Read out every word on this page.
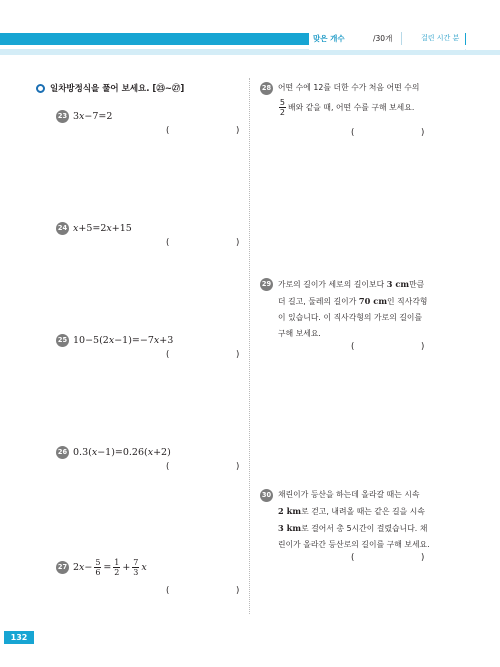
맞은 개수	/30개	걸린 시간 분
일차방정식을 풀어 보세요. [㉓~㉗]
23 3x−7=2
(	)
24 x+5=2x+15
(	)
25 10−5(2x−1)=−7x+3
(	)
26 0.3(x−1)=0.26(x+2)
(	)
27 $2x- \frac{5}{6} = \frac{1}{2} + \frac{7}{3}$ x
(	)
28 어떤 수에 12를 더한 수가 처음 어떤 수의
$\frac{5}{2}$ 배와 같을 때, 어떤 수를 구해 보세요.
(	)
29 가로의 길이가 세로의 길이보다 3 cm만큼
더 길고, 둘레의 길이가 70 cm인 직사각형
이 있습니다. 이 직사각형의 가로의 길이를
구해 보세요.
(	)
30 채린이가 등산을 하는데 올라갈 때는 시속
2 km로 걷고, 내려올 때는 같은 길을 시속
3 km로 걸어서 총 5시간이 걸렸습니다. 채
린이가 올라간 등산로의 길이를 구해 보세요.
(	)
132
